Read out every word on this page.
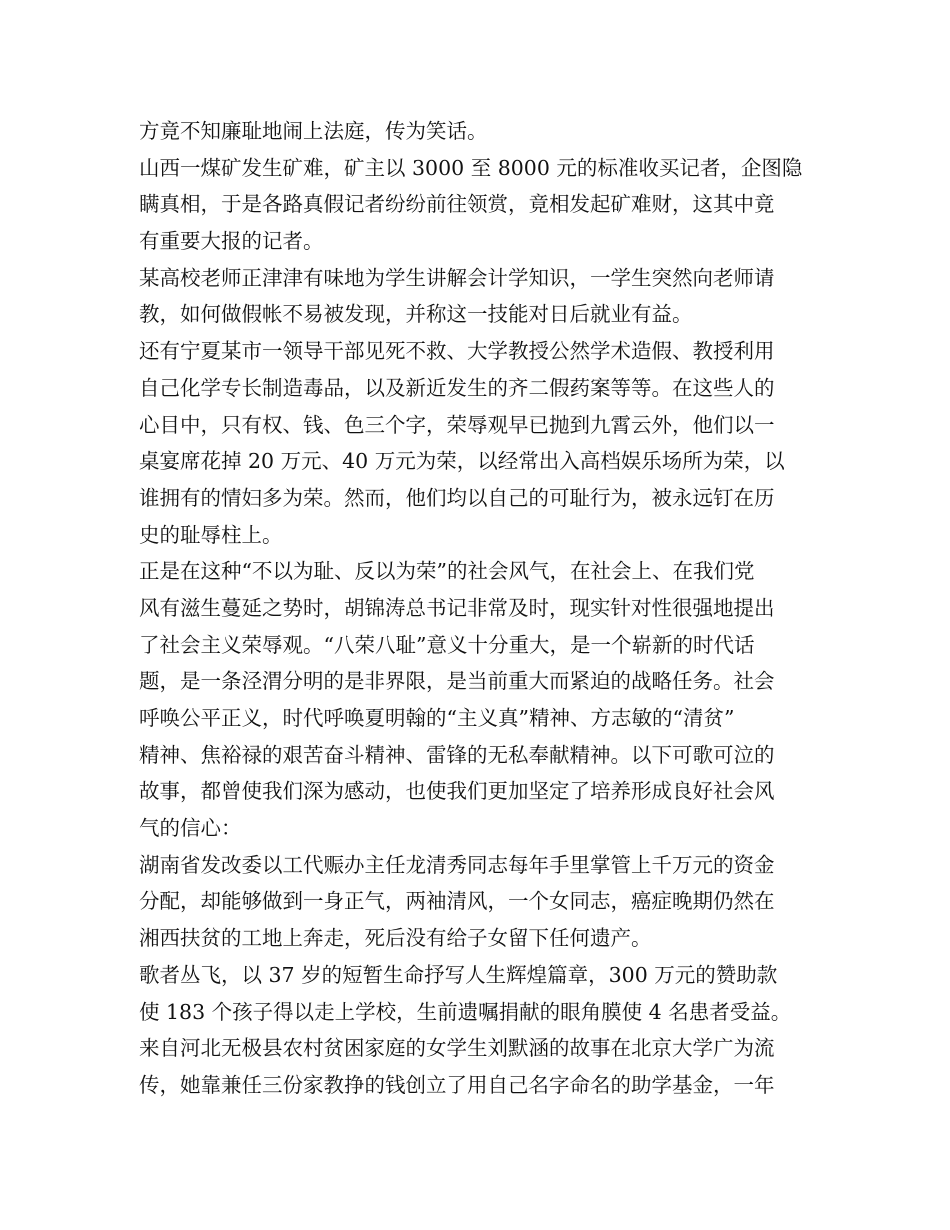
方竟不知廉耻地闹上法庭，传为笑话。
山西一煤矿发生矿难，矿主以 3000 至 8000 元的标准收买记者，企图隐
瞒真相，于是各路真假记者纷纷前往领赏，竟相发起矿难财，这其中竟
有重要大报的记者。
某高校老师正津津有味地为学生讲解会计学知识，一学生突然向老师请
教，如何做假帐不易被发现，并称这一技能对日后就业有益。
还有宁夏某市一领导干部见死不救、大学教授公然学术造假、教授利用
自己化学专长制造毒品，以及新近发生的齐二假药案等等。在这些人的
心目中，只有权、钱、色三个字，荣辱观早已抛到九霄云外，他们以一
桌宴席花掉 20 万元、40 万元为荣，以经常出入高档娱乐场所为荣，以
谁拥有的情妇多为荣。然而，他们均以自己的可耻行为，被永远钉在历
史的耻辱柱上。
正是在这种“不以为耻、反以为荣”的社会风气，在社会上、在我们党
风有滋生蔓延之势时，胡锦涛总书记非常及时，现实针对性很强地提出
了社会主义荣辱观。“八荣八耻”意义十分重大，是一个崭新的时代话
题，是一条泾渭分明的是非界限，是当前重大而紧迫的战略任务。社会
呼唤公平正义，时代呼唤夏明翰的“主义真”精神、方志敏的“清贫”
精神、焦裕禄的艰苦奋斗精神、雷锋的无私奉献精神。以下可歌可泣的
故事，都曾使我们深为感动，也使我们更加坚定了培养形成良好社会风
气的信心：
湖南省发改委以工代赈办主任龙清秀同志每年手里掌管上千万元的资金
分配，却能够做到一身正气，两袖清风，一个女同志，癌症晚期仍然在
湘西扶贫的工地上奔走，死后没有给子女留下任何遗产。
歌者丛飞，以 37 岁的短暂生命抒写人生辉煌篇章，300 万元的赞助款
使 183 个孩子得以走上学校，生前遗嘱捐献的眼角膜使 4 名患者受益。
来自河北无极县农村贫困家庭的女学生刘默涵的故事在北京大学广为流
传，她靠兼任三份家教挣的钱创立了用自己名字命名的助学基金，一年
